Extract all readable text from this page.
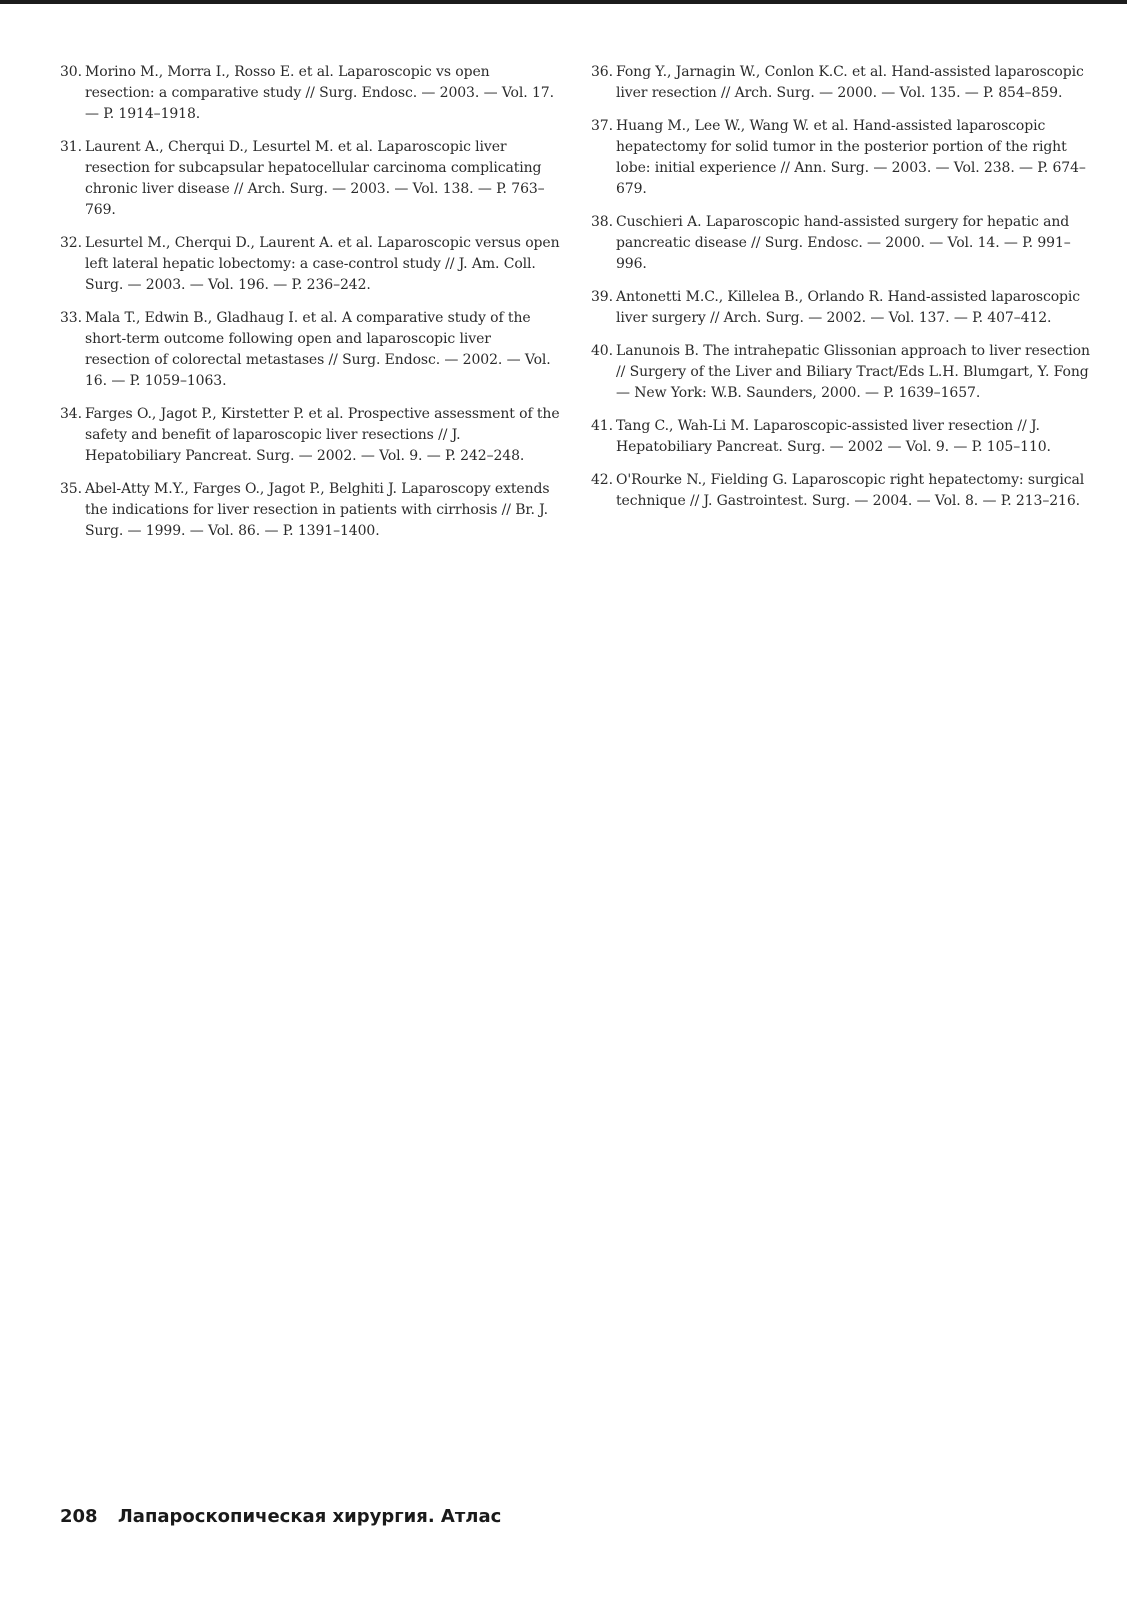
30. Morino M., Morra I., Rosso E. et al. Laparoscopic vs open resection: a comparative study // Surg. Endosc. — 2003. — Vol. 17. — P. 1914–1918.
31. Laurent A., Cherqui D., Lesurtel M. et al. Laparoscopic liver resection for subcapsular hepatocellular carcinoma complicating chronic liver disease // Arch. Surg. — 2003. — Vol. 138. — P. 763–769.
32. Lesurtel M., Cherqui D., Laurent A. et al. Laparoscopic versus open left lateral hepatic lobectomy: a case-control study // J. Am. Coll. Surg. — 2003. — Vol. 196. — P. 236–242.
33. Mala T., Edwin B., Gladhaug I. et al. A comparative study of the short-term outcome following open and laparoscopic liver resection of colorectal metastases // Surg. Endosc. — 2002. — Vol. 16. — P. 1059–1063.
34. Farges O., Jagot P., Kirstetter P. et al. Prospective assessment of the safety and benefit of laparoscopic liver resections // J. Hepatobiliary Pancreat. Surg. — 2002. — Vol. 9. — P. 242–248.
35. Abel-Atty M.Y., Farges O., Jagot P., Belghiti J. Laparoscopy extends the indications for liver resection in patients with cirrhosis // Br. J. Surg. — 1999. — Vol. 86. — P. 1391–1400.
36. Fong Y., Jarnagin W., Conlon K.C. et al. Hand-assisted laparoscopic liver resection // Arch. Surg. — 2000. — Vol. 135. — P. 854–859.
37. Huang M., Lee W., Wang W. et al. Hand-assisted laparoscopic hepatectomy for solid tumor in the posterior portion of the right lobe: initial experience // Ann. Surg. — 2003. — Vol. 238. — P. 674–679.
38. Cuschieri A. Laparoscopic hand-assisted surgery for hepatic and pancreatic disease // Surg. Endosc. — 2000. — Vol. 14. — P. 991–996.
39. Antonetti M.C., Killelea B., Orlando R. Hand-assisted laparoscopic liver surgery // Arch. Surg. — 2002. — Vol. 137. — P. 407–412.
40. Lanunois B. The intrahepatic Glissonian approach to liver resection // Surgery of the Liver and Biliary Tract/Eds L.H. Blumgart, Y. Fong — New York: W.B. Saunders, 2000. — P. 1639–1657.
41. Tang C., Wah-Li M. Laparoscopic-assisted liver resection // J. Hepatobiliary Pancreat. Surg. — 2002 — Vol. 9. — P. 105–110.
42. O'Rourke N., Fielding G. Laparoscopic right hepatectomy: surgical technique // J. Gastrointest. Surg. — 2004. — Vol. 8. — P. 213–216.
208 Лапароскопическая хирургия. Атлас
